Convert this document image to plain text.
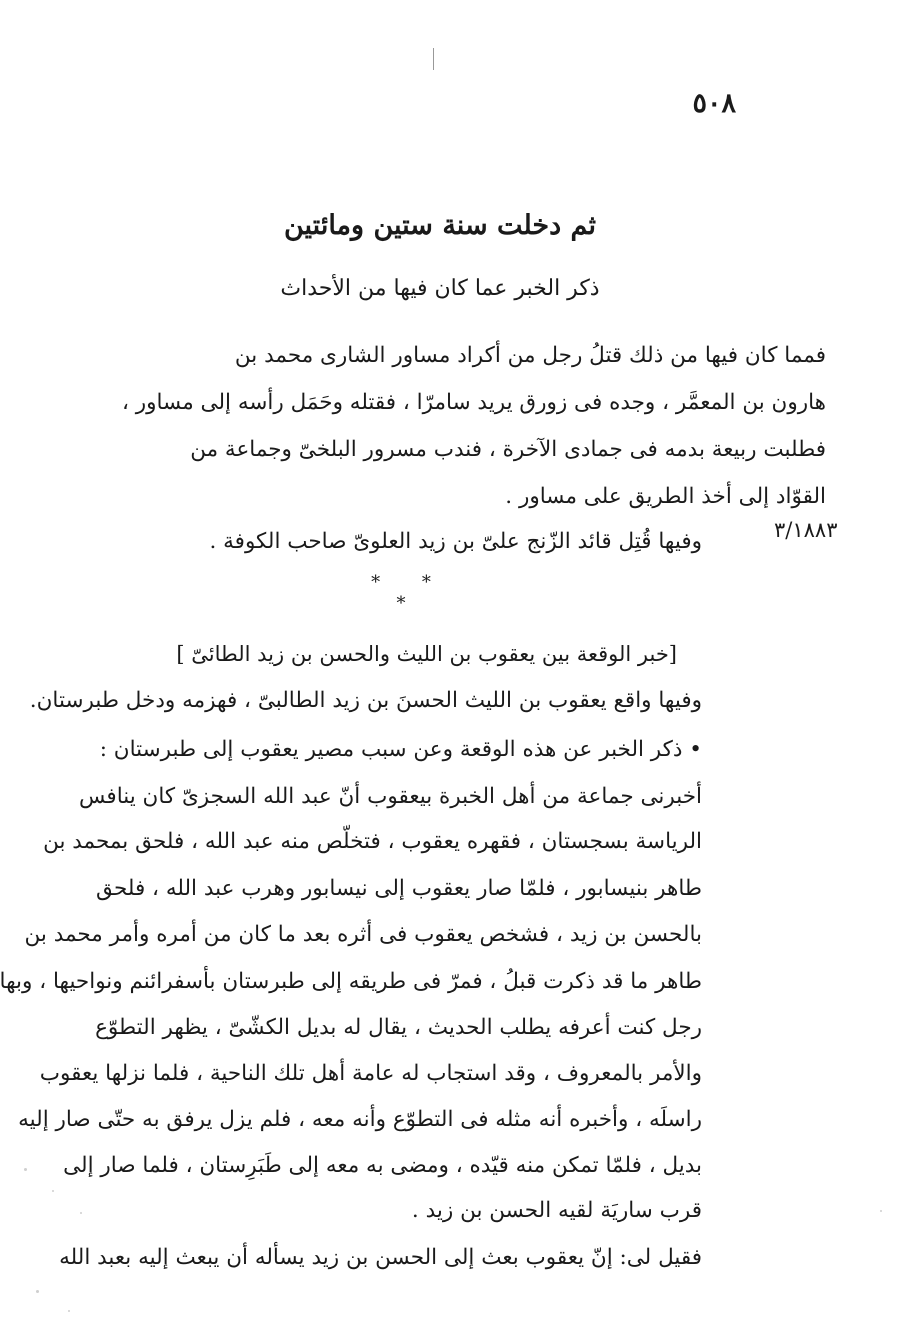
٥٠٨
ثم دخلت سنة ستين ومائتين
ذكر الخبر عما كان فيها من الأحداث
فمما كان فيها من ذلك قتلُ رجل من أكراد مساور الشارى محمد بن
هارون بن المعمَّر ، وجده فى زورق يريد سامرّا ، فقتله وحَمَل رأسه إلى مساور ،
فطلبت ربيعة بدمه فى جمادى الآخرة ، فندب مسرور البلخىّ وجماعة من
القوّاد إلى أخذ الطريق على مساور .
وفيها قُتِل قائد الزّنج علىّ بن زيد العلوىّ صاحب الكوفة .	٣/١٨٨٣
* * *
[خبر الوقعة بين يعقوب بن الليث والحسن بن زيد الطائىّ ]
وفيها واقع يعقوب بن الليث الحسنَ بن زيد الطالبىّ ، فهزمه ودخل طبرستان.
• ذكر الخبر عن هذه الوقعة وعن سبب مصير يعقوب إلى طبرستان :
أخبرنى جماعة من أهل الخبرة بيعقوب أنّ عبد الله السجزىّ كان ينافس
الرياسة بسجستان ، فقهره يعقوب ، فتخلّص منه عبد الله ، فلحق بمحمد بن
طاهر بنيسابور ، فلمّا صار يعقوب إلى نيسابور وهرب عبد الله ، فلحق
بالحسن بن زيد ، فشخص يعقوب فى أثره بعد ما كان من أمره وأمر محمد بن
طاهر ما قد ذكرت قبلُ ، فمرّ فى طريقه إلى طبرستان بأسفرائنم ونواحيها ، وبها
رجل كنت أعرفه يطلب الحديث ، يقال له بديل الكشّىّ ، يظهر التطوّع
والأمر بالمعروف ، وقد استجاب له عامة أهل تلك الناحية ، فلما نزلها يعقوب
راسلَه ، وأخبره أنه مثله فى التطوّع وأنه معه ، فلم يزل يرفق به حتّى صار إليه
بديل ، فلمّا تمكن منه قيّده ، ومضى به معه إلى طَبَرِستان ، فلما صار إلى
قرب ساريَة لقيه الحسن بن زيد .
فقيل لى: إنّ يعقوب بعث إلى الحسن بن زيد يسأله أن يبعث إليه بعبد الله
